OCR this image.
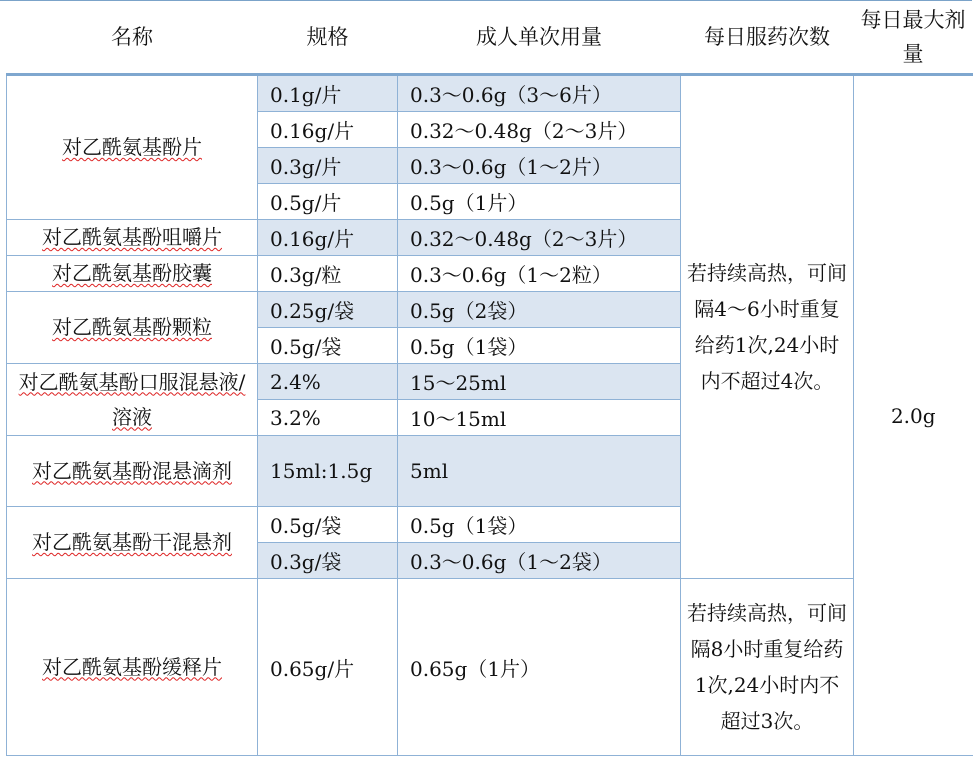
名称	规格	成人单次用量	每日服药次数	每日最大剂量
对乙酰氨基酚片	0.1g/片	0.3～0.6g（3～6片）	若持续高热，可间隔4～6小时重复给药1次,24小时内不超过4次。	2.0g
	0.16g/片	0.32～0.48g（2～3片）		
	0.3g/片	0.3～0.6g（1～2片）		
	0.5g/片	0.5g（1片）		
对乙酰氨基酚咀嚼片	0.16g/片	0.32～0.48g（2～3片）		
对乙酰氨基酚胶囊	0.3g/粒	0.3～0.6g（1～2粒）		
对乙酰氨基酚颗粒	0.25g/袋	0.5g（2袋）		
	0.5g/袋	0.5g（1袋）		
对乙酰氨基酚口服混悬液/溶液	2.4%	15～25ml		
	3.2%	10～15ml		
对乙酰氨基酚混悬滴剂	15ml:1.5g	5ml		
对乙酰氨基酚干混悬剂	0.5g/袋	0.5g（1袋）		
	0.3g/袋	0.3～0.6g（1～2袋）		
对乙酰氨基酚缓释片	0.65g/片	0.65g（1片）	若持续高热，可间隔8小时重复给药1次,24小时内不超过3次。	
